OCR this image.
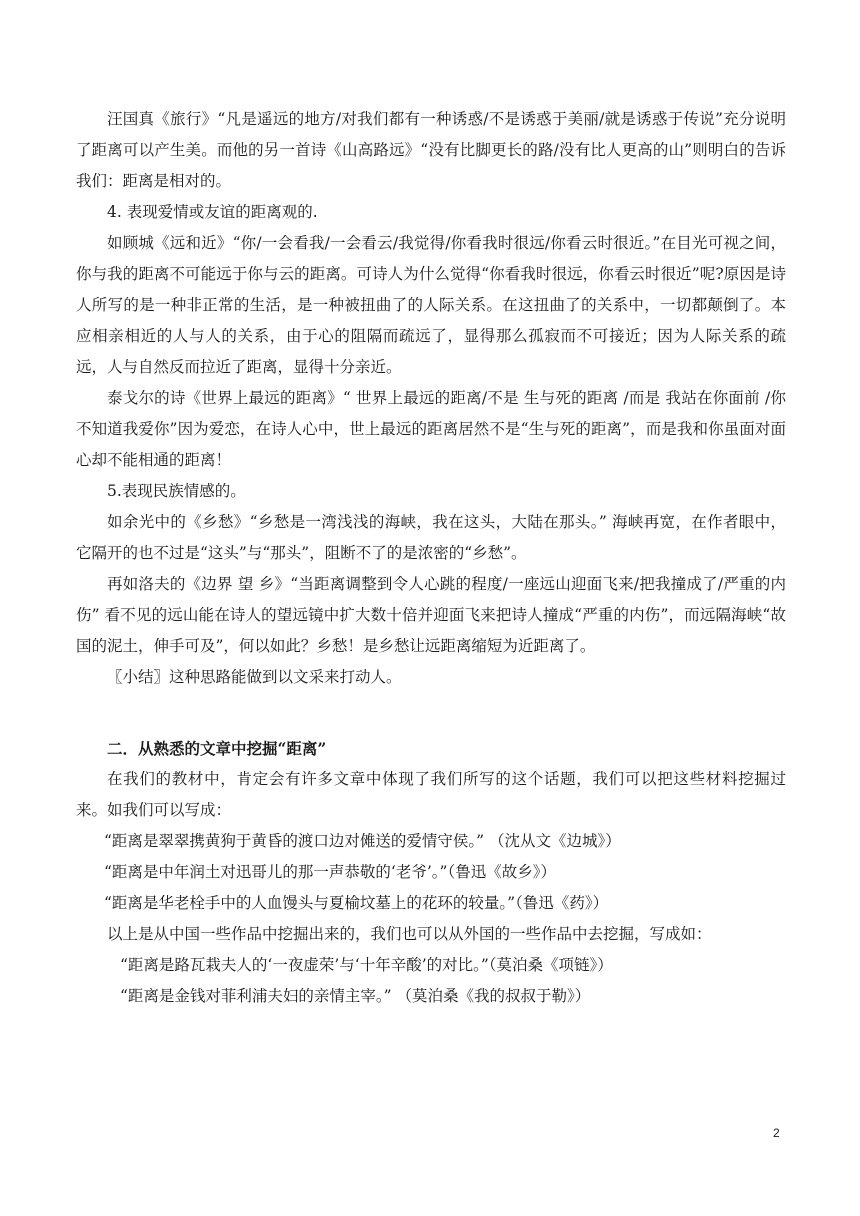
汪国真《旅行》“凡是遥远的地方/对我们都有一种诱惑/不是诱惑于美丽/就是诱惑于传说”充分说明了距离可以产生美。而他的另一首诗《山高路远》“没有比脚更长的路/没有比人更高的山”则明白的告诉我们：距离是相对的。

4. 表现爱情或友谊的距离观的.

如顾城《远和近》“你/一会看我/一会看云/我觉得/你看我时很远/你看云时很近。”在目光可视之间，你与我的距离不可能远于你与云的距离。可诗人为什么觉得“你看我时很远，你看云时很近”呢?原因是诗人所写的是一种非正常的生活，是一种被扭曲了的人际关系。在这扭曲了的关系中，一切都颠倒了。本应相亲相近的人与人的关系，由于心的阻隔而疏远了，显得那么孤寂而不可接近；因为人际关系的疏远，人与自然反而拉近了距离，显得十分亲近。

泰戈尔的诗《世界上最远的距离》“ 世界上最远的距离/不是 生与死的距离 /而是 我站在你面前 /你不知道我爱你”因为爱恋，在诗人心中，世上最远的距离居然不是“生与死的距离”，而是我和你虽面对面心却不能相通的距离！

5.表现民族情感的。

如余光中的《乡愁》“乡愁是一湾浅浅的海峡，我在这头，大陆在那头。” 海峡再宽，在作者眼中，它隔开的也不过是“这头”与“那头”，阻断不了的是浓密的“乡愁”。

再如洛夫的《边界 望 乡》“当距离调整到令人心跳的程度/一座远山迎面飞来/把我撞成了/严重的内伤” 看不见的远山能在诗人的望远镜中扩大数十倍并迎面飞来把诗人撞成“严重的内伤”，而远隔海峡“故国的泥土，伸手可及”，何以如此？乡愁！是乡愁让远距离缩短为近距离了。

〖小结〗这种思路能做到以文采来打动人。

二．从熟悉的文章中挖掘“距离”

在我们的教材中，肯定会有许多文章中体现了我们所写的这个话题，我们可以把这些材料挖掘过来。如我们可以写成：

“距离是翠翠携黄狗于黄昏的渡口边对傩送的爱情守侯。” （沈从文《边城》）

“距离是中年润土对迅哥儿的那一声恭敬的‘老爷’。”（鲁迅《故乡》）

“距离是华老栓手中的人血馒头与夏榆坟墓上的花环的较量。”（鲁迅《药》）

以上是从中国一些作品中挖掘出来的，我们也可以从外国的一些作品中去挖掘，写成如：

“距离是路瓦栽夫人的‘一夜虚荣’与‘十年辛酸’的对比。”（莫泊桑《项链》）

“距离是金钱对菲利浦夫妇的亲情主宰。” （莫泊桑《我的叔叔于勒》）

2
